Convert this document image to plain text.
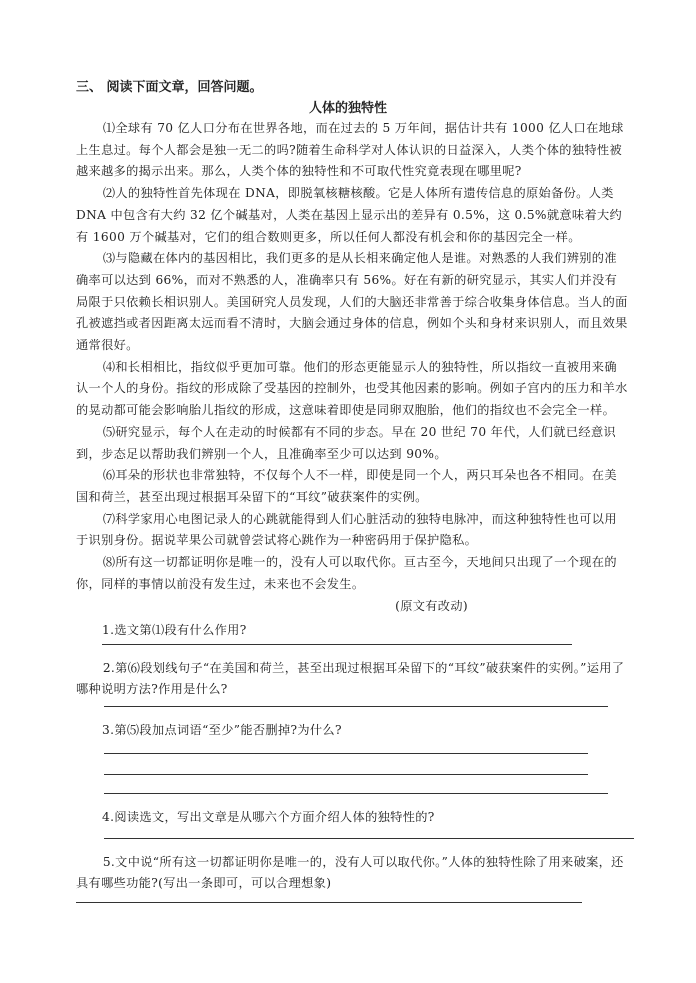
三、 阅读下面文章，回答问题。
人体的独特性

⑴全球有 70 亿人口分布在世界各地，而在过去的 5 万年间，据估计共有 1000 亿人口在地球上生息过。每个人都会是独一无二的吗?随着生命科学对人体认识的日益深入，人类个体的独特性被越来越多的揭示出来。那么，人类个体的独特性和不可取代性究竟表现在哪里呢?

⑵人的独特性首先体现在 DNA，即脱氧核糖核酸。它是人体所有遗传信息的原始备份。人类 DNA 中包含有大约 32 亿个碱基对，人类在基因上显示出的差异有 0.5%，这 0.5%就意味着大约有 1600 万个碱基对，它们的组合数则更多，所以任何人都没有机会和你的基因完全一样。

⑶与隐藏在体内的基因相比，我们更多的是从长相来确定他人是谁。对熟悉的人我们辨别的准确率可以达到 66%，而对不熟悉的人，准确率只有 56%。好在有新的研究显示，其实人们并没有局限于只依赖长相识别人。美国研究人员发现，人们的大脑还非常善于综合收集身体信息。当人的面孔被遮挡或者因距离太远而看不清时，大脑会通过身体的信息，例如个头和身材来识别人，而且效果通常很好。

⑷和长相相比，指纹似乎更加可靠。他们的形态更能显示人的独特性，所以指纹一直被用来确认一个人的身份。指纹的形成除了受基因的控制外，也受其他因素的影响。例如子宫内的压力和羊水的晃动都可能会影响胎儿指纹的形成，这意味着即使是同卵双胞胎，他们的指纹也不会完全一样。

⑸研究显示，每个人在走动的时候都有不同的步态。早在 20 世纪 70 年代，人们就已经意识到，步态足以帮助我们辨别一个人，且准确率至少可以达到 90%。

⑹耳朵的形状也非常独特，不仅每个人不一样，即使是同一个人，两只耳朵也各不相同。在美国和荷兰，甚至出现过根据耳朵留下的“耳纹”破获案件的实例。

⑺科学家用心电图记录人的心跳就能得到人们心脏活动的独特电脉冲，而这种独特性也可以用于识别身份。据说苹果公司就曾尝试将心跳作为一种密码用于保护隐私。

⑻所有这一切都证明你是唯一的，没有人可以取代你。亘古至今，天地间只出现了一个现在的你，同样的事情以前没有发生过，未来也不会发生。

(原文有改动)

1.选文第⑴段有什么作用?

2.第⑹段划线句子“在美国和荷兰，甚至出现过根据耳朵留下的“耳纹”破获案件的实例。”运用了哪种说明方法?作用是什么?

3.第⑸段加点词语“至少”能否删掉?为什么?

4.阅读选文，写出文章是从哪六个方面介绍人体的独特性的?

5.文中说“所有这一切都证明你是唯一的，没有人可以取代你。”人体的独特性除了用来破案，还具有哪些功能?(写出一条即可，可以合理想象)
